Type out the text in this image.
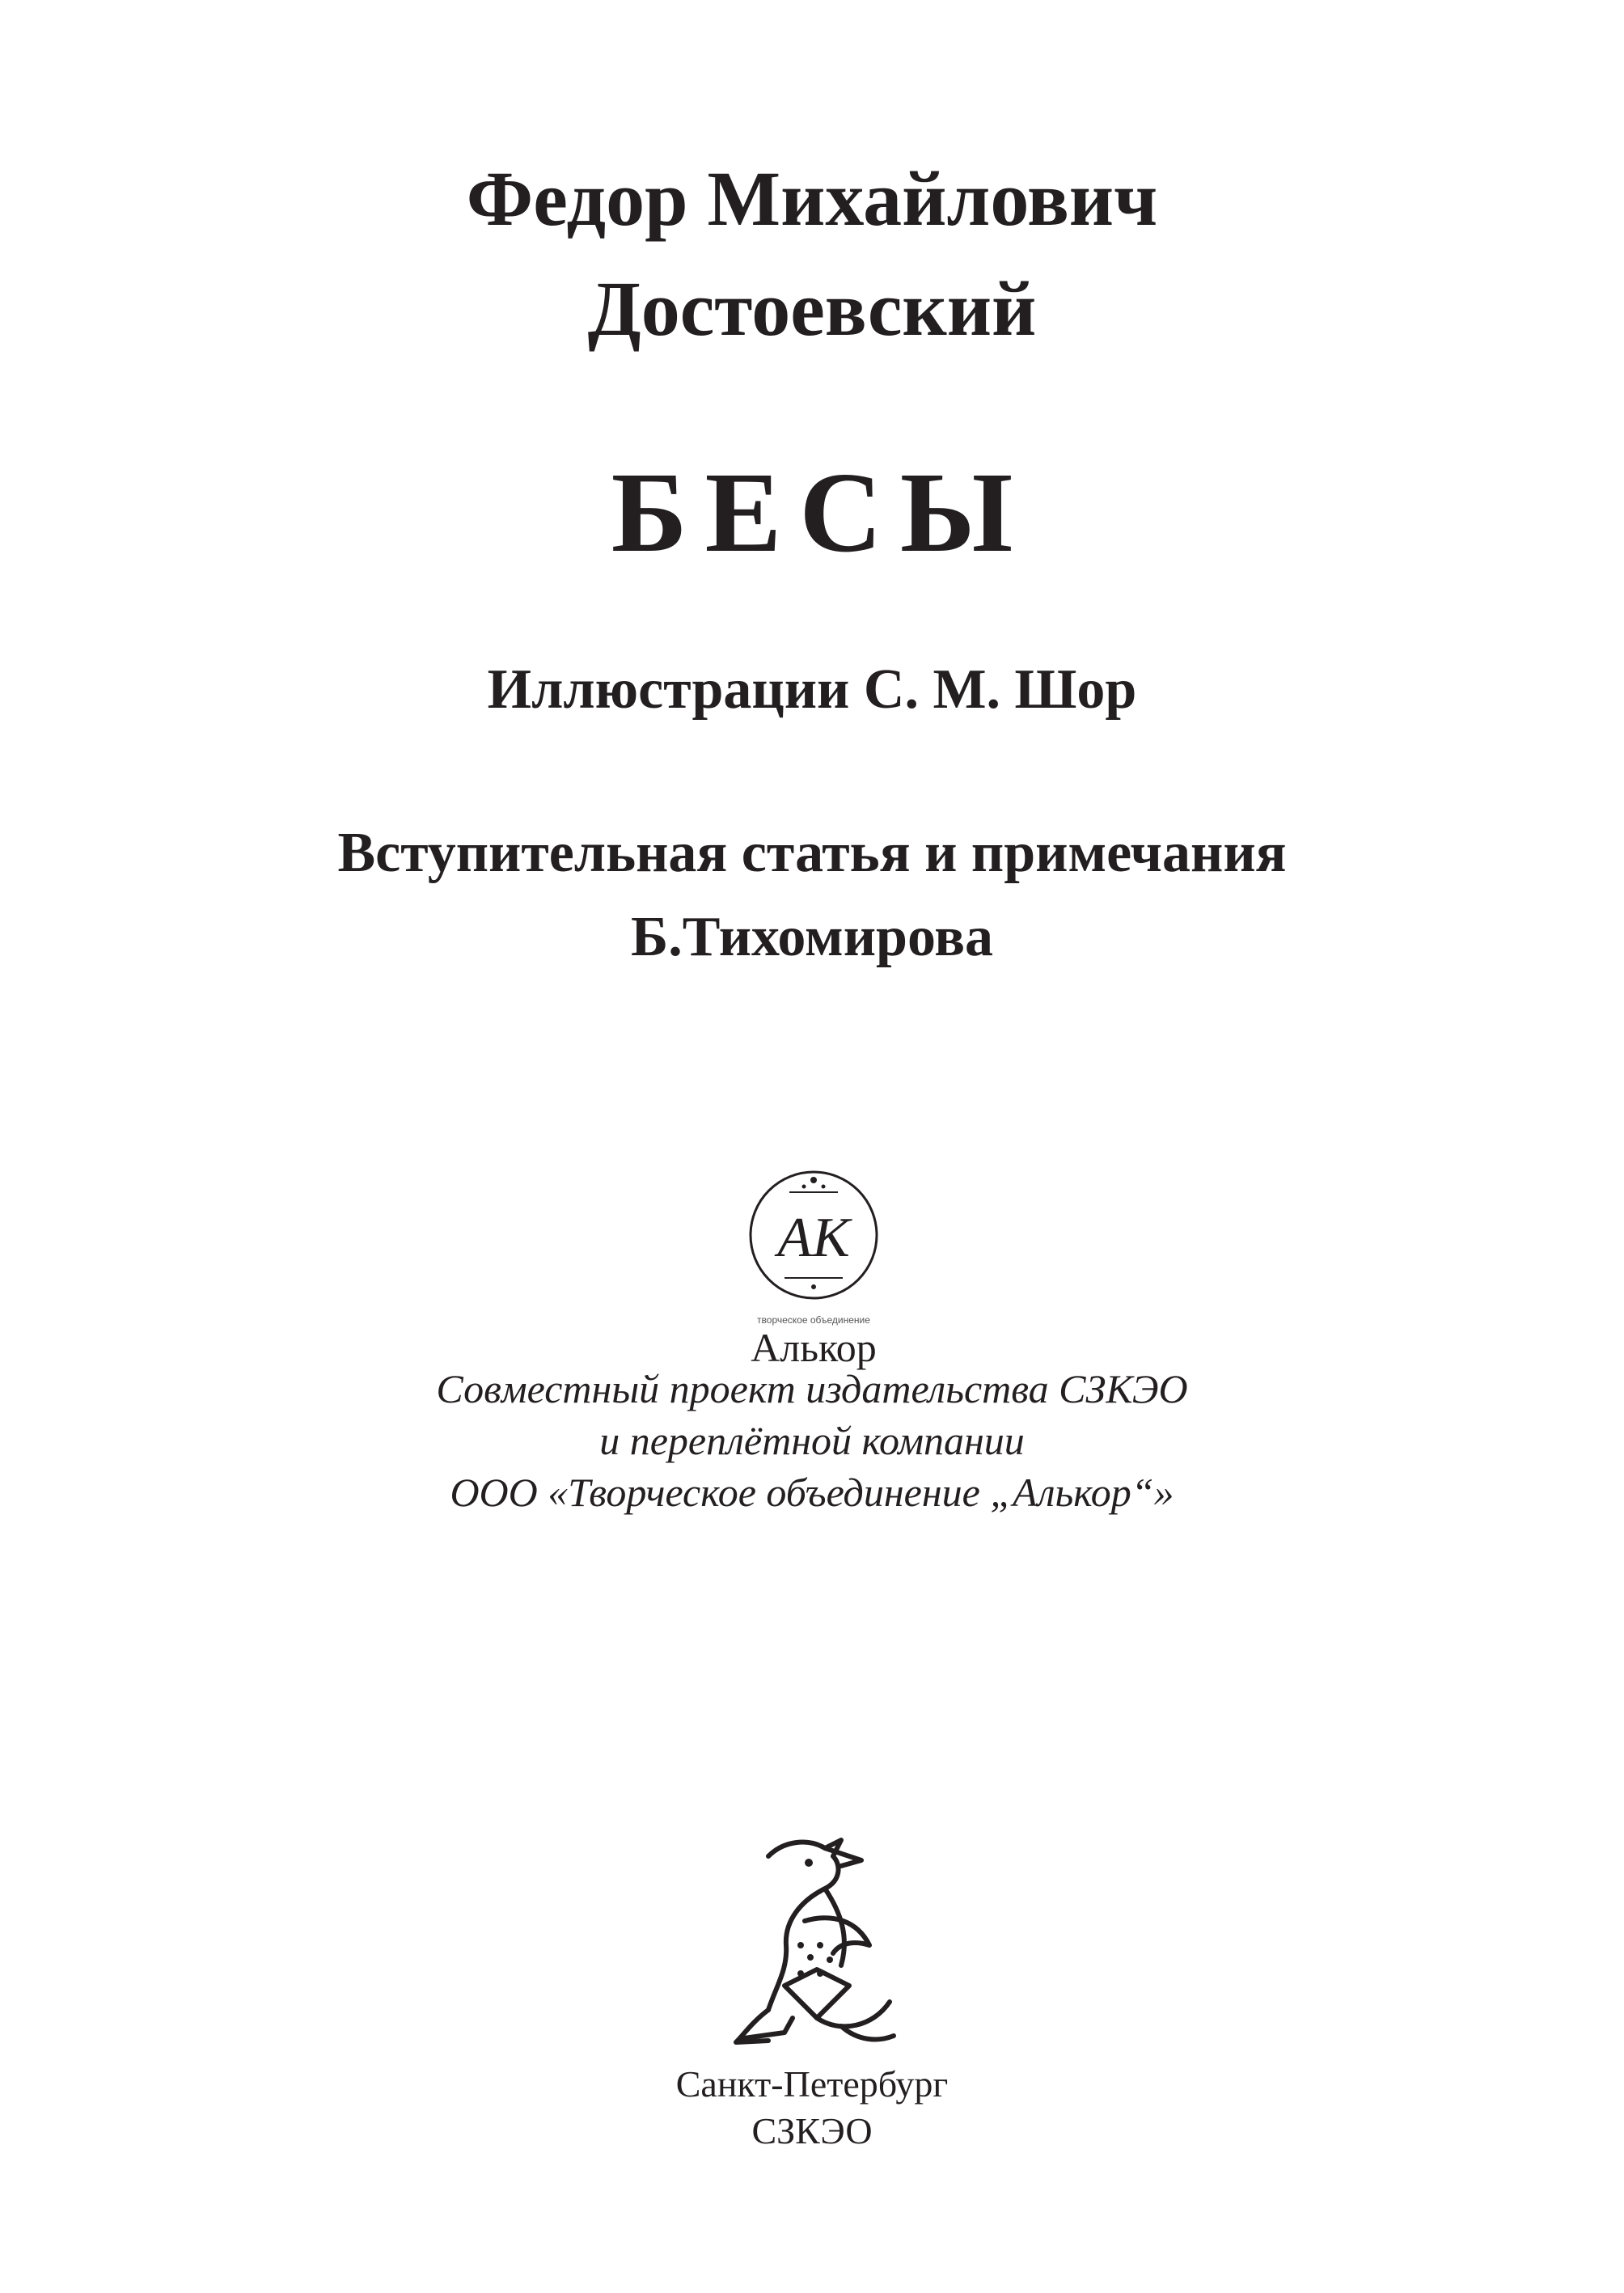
Федор Михайлович
Достоевский
БЕСЫ
Иллюстрации С. М. Шор
Вступительная статья и примечания
Б.Тихомирова
АК
творческое объединение
Алькор
Совместный проект издательства СЗКЭО
и переплётной компании
ООО «Творческое объединение „Алькор“»
Санкт-Петербург
СЗКЭО
